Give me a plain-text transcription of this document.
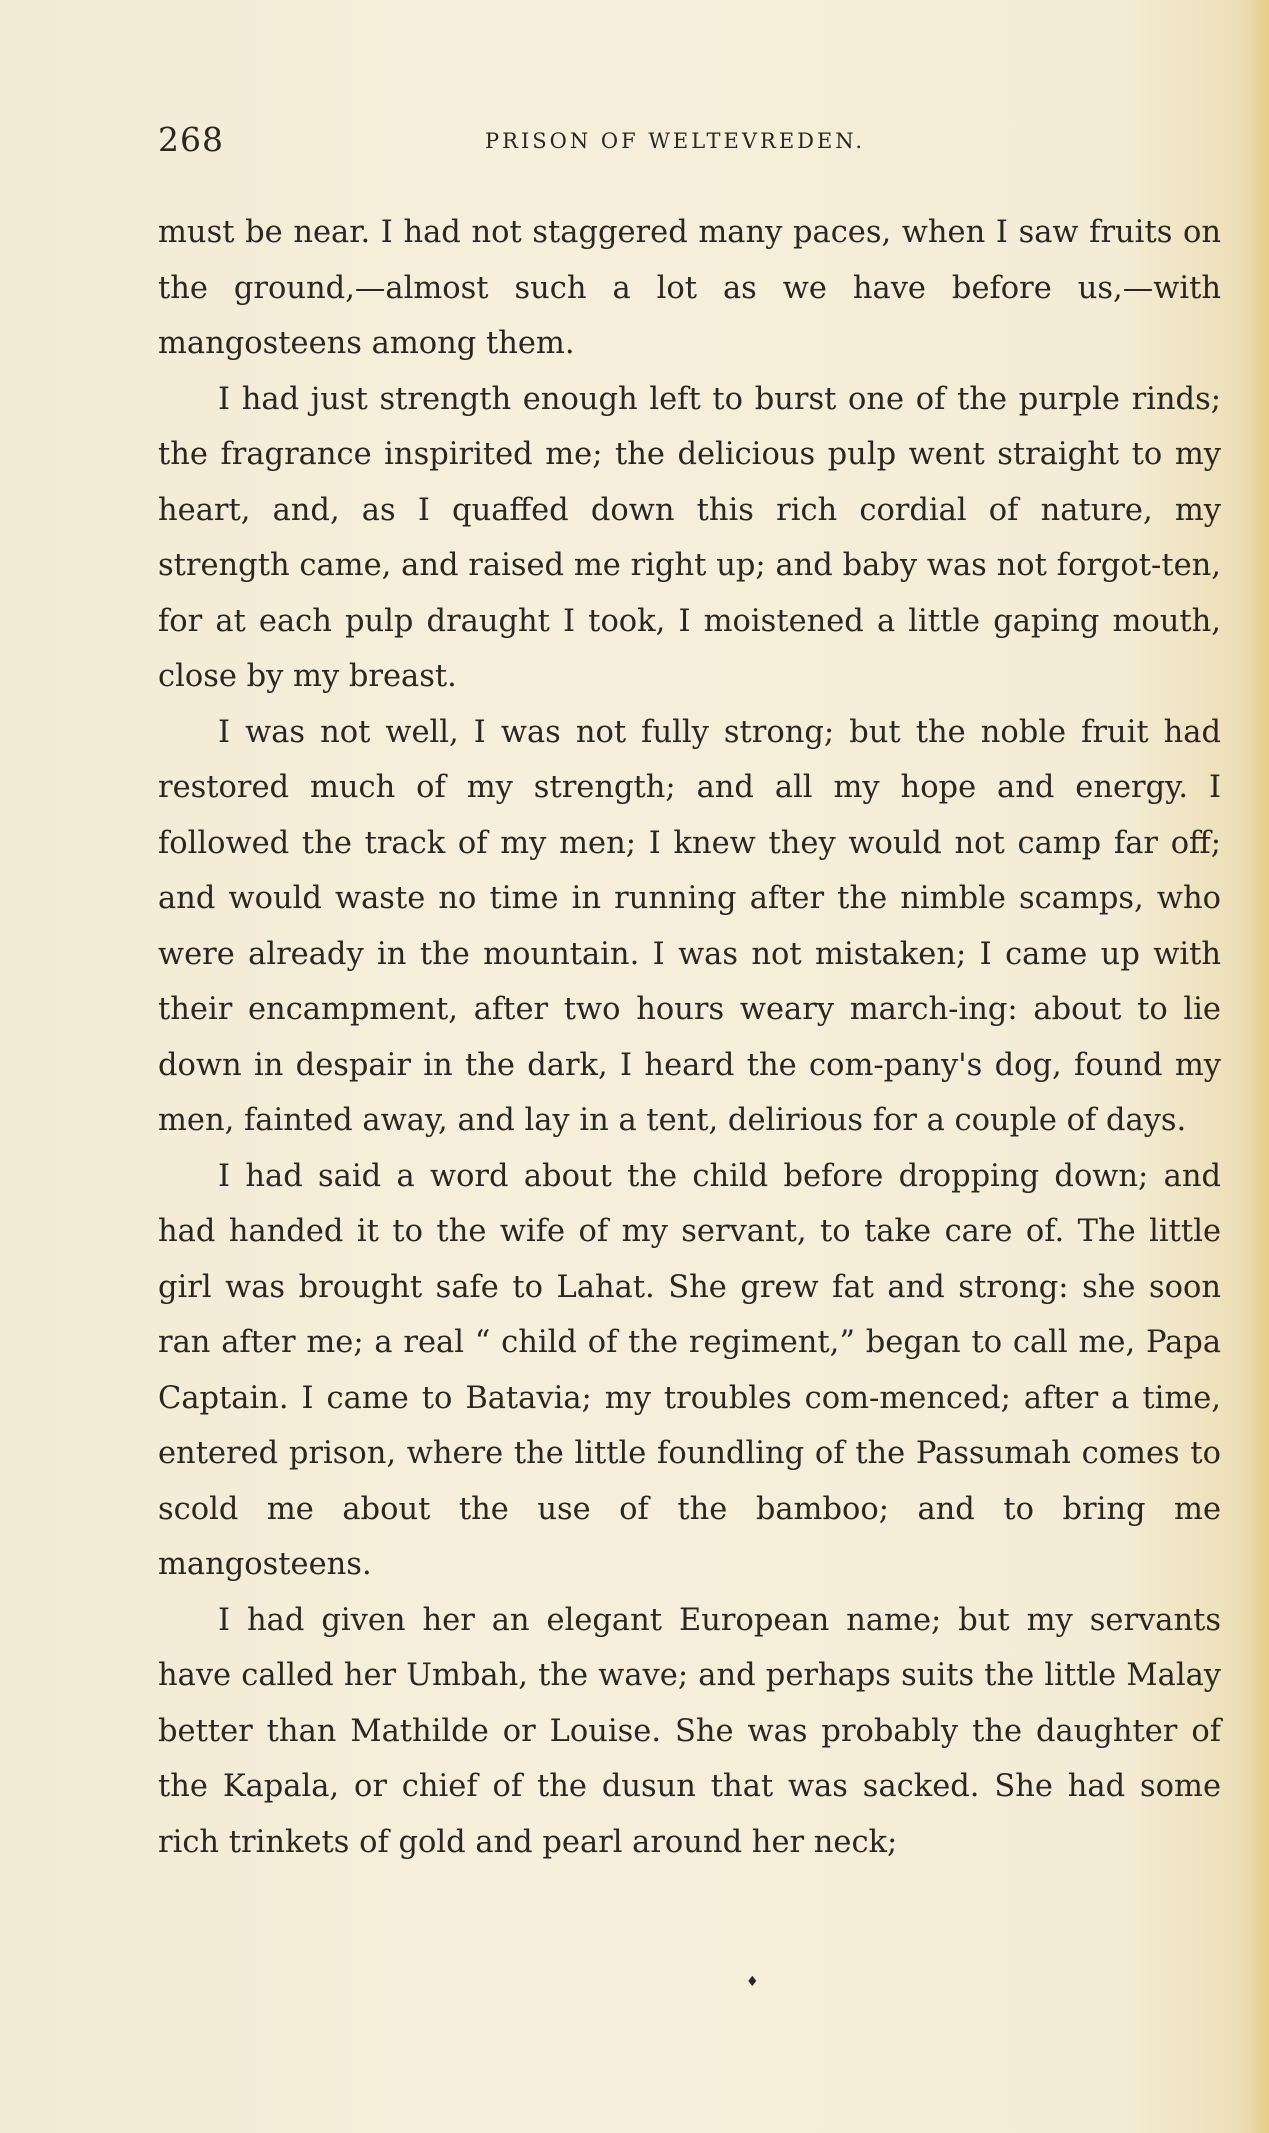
268	PRISON OF WELTEVREDEN.

must be near. I had not staggered many paces, when I saw fruits on the ground,—almost such a lot as we have before us,—with mangosteens among them.

I had just strength enough left to burst one of the purple rinds; the fragrance inspirited me; the delicious pulp went straight to my heart, and, as I quaffed down this rich cordial of nature, my strength came, and raised me right up; and baby was not forgot-ten, for at each pulp draught I took, I moistened a little gaping mouth, close by my breast.

I was not well, I was not fully strong; but the noble fruit had restored much of my strength; and all my hope and energy. I followed the track of my men; I knew they would not camp far off; and would waste no time in running after the nimble scamps, who were already in the mountain. I was not mistaken; I came up with their encampment, after two hours weary march-ing: about to lie down in despair in the dark, I heard the com-pany's dog, found my men, fainted away, and lay in a tent, delirious for a couple of days.

I had said a word about the child before dropping down; and had handed it to the wife of my servant, to take care of. The little girl was brought safe to Lahat. She grew fat and strong: she soon ran after me; a real “ child of the regiment,” began to call me, Papa Captain. I came to Batavia; my troubles com-menced; after a time, entered prison, where the little foundling of the Passumah comes to scold me about the use of the bamboo; and to bring me mangosteens.

I had given her an elegant European name; but my servants have called her Umbah, the wave; and perhaps suits the little Malay better than Mathilde or Louise. She was probably the daughter of the Kapala, or chief of the dusun that was sacked. She had some rich trinkets of gold and pearl around her neck;

♦
